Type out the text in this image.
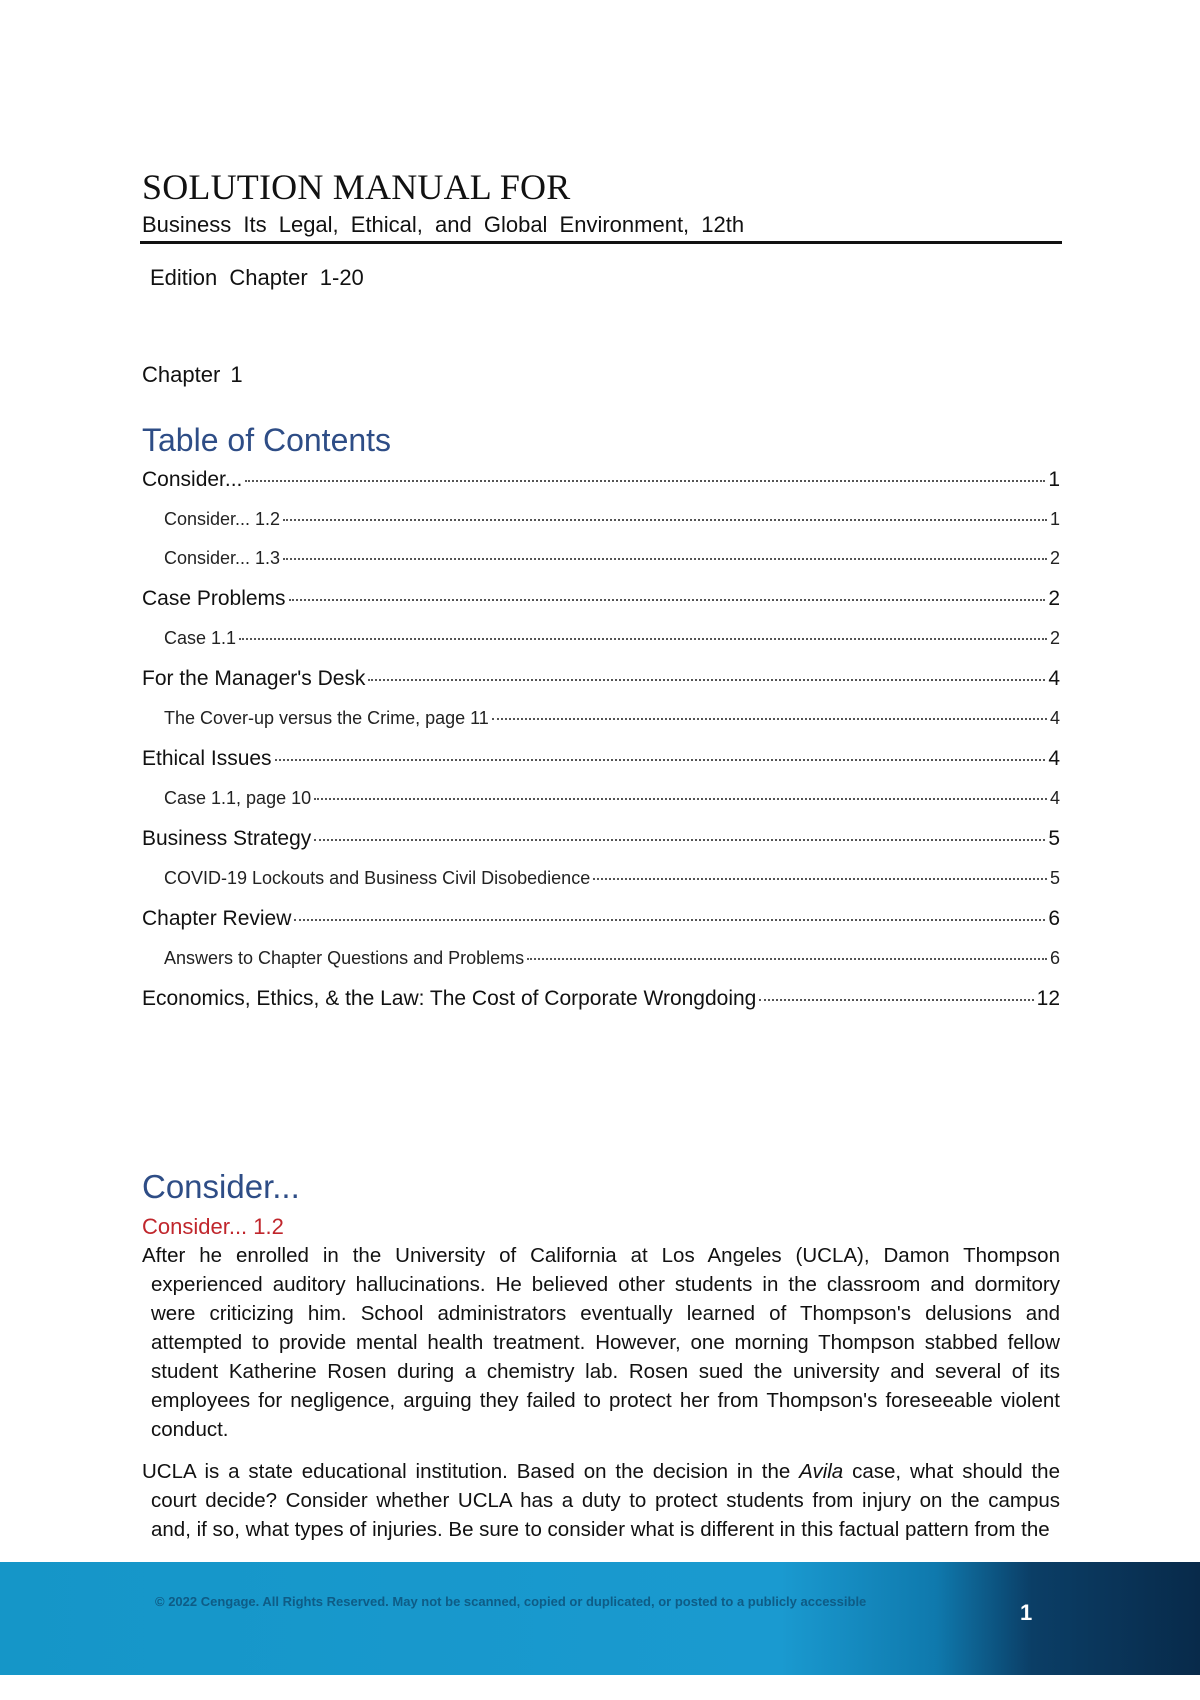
SOLUTION MANUAL FOR
Business Its Legal, Ethical, and Global Environment, 12th
Edition Chapter 1-20
Chapter 1
Table of Contents
Consider...	1
Consider... 1.2	1
Consider... 1.3	2
Case Problems	2
Case 1.1	2
For the Manager's Desk	4
The Cover-up versus the Crime, page 11	4
Ethical Issues	4
Case 1.1, page 10	4
Business Strategy	5
COVID-19 Lockouts and Business Civil Disobedience	5
Chapter Review	6
Answers to Chapter Questions and Problems	6
Economics, Ethics, & the Law: The Cost of Corporate Wrongdoing	12
Consider...
Consider... 1.2
After he enrolled in the University of California at Los Angeles (UCLA), Damon Thompson experienced auditory hallucinations. He believed other students in the classroom and dormitory were criticizing him. School administrators eventually learned of Thompson's delusions and attempted to provide mental health treatment. However, one morning Thompson stabbed fellow student Katherine Rosen during a chemistry lab. Rosen sued the university and several of its employees for negligence, arguing they failed to protect her from Thompson's foreseeable violent conduct.
UCLA is a state educational institution. Based on the decision in the Avila case, what should the court decide? Consider whether UCLA has a duty to protect students from injury on the campus and, if so, what types of injuries. Be sure to consider what is different in this factual pattern from the
© 2022 Cengage. All Rights Reserved. May not be scanned, copied or duplicated, or posted to a publicly accessible	1
